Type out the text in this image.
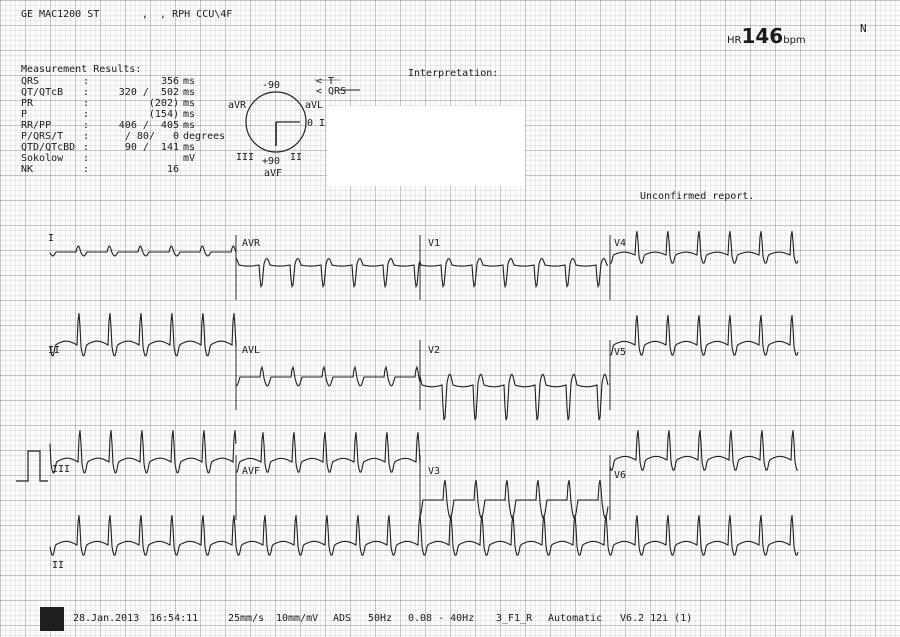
GE MAC1200 ST	,  , RPH CCU\4F
HR146bpm
N
Measurement Results:
QRS	:	356 ms
QT/QTcB	:	320 /  502 ms
PR	:	(202) ms
P	:	(154) ms
RR/PP	:	406 /  405 ms
P/QRS/T	:	/ 80/   0 degrees
QTD/QTcBD :	90 /  141 ms
Sokolow	:	mV
NK	:	16
Interpretation:
Unconfirmed report.
-90
+90
aVR	aVL
0 I
III	II
aVF
< T
< QRS
I	AVR	V1	V4
II	AVL	V2	V5
III	AVF	V3	V6
II
28.Jan.2013 16:54:11	25mm/s 10mm/mV ADS 50Hz 0.08 - 40Hz 3_F1_R Automatic V6.2 12i (1)
